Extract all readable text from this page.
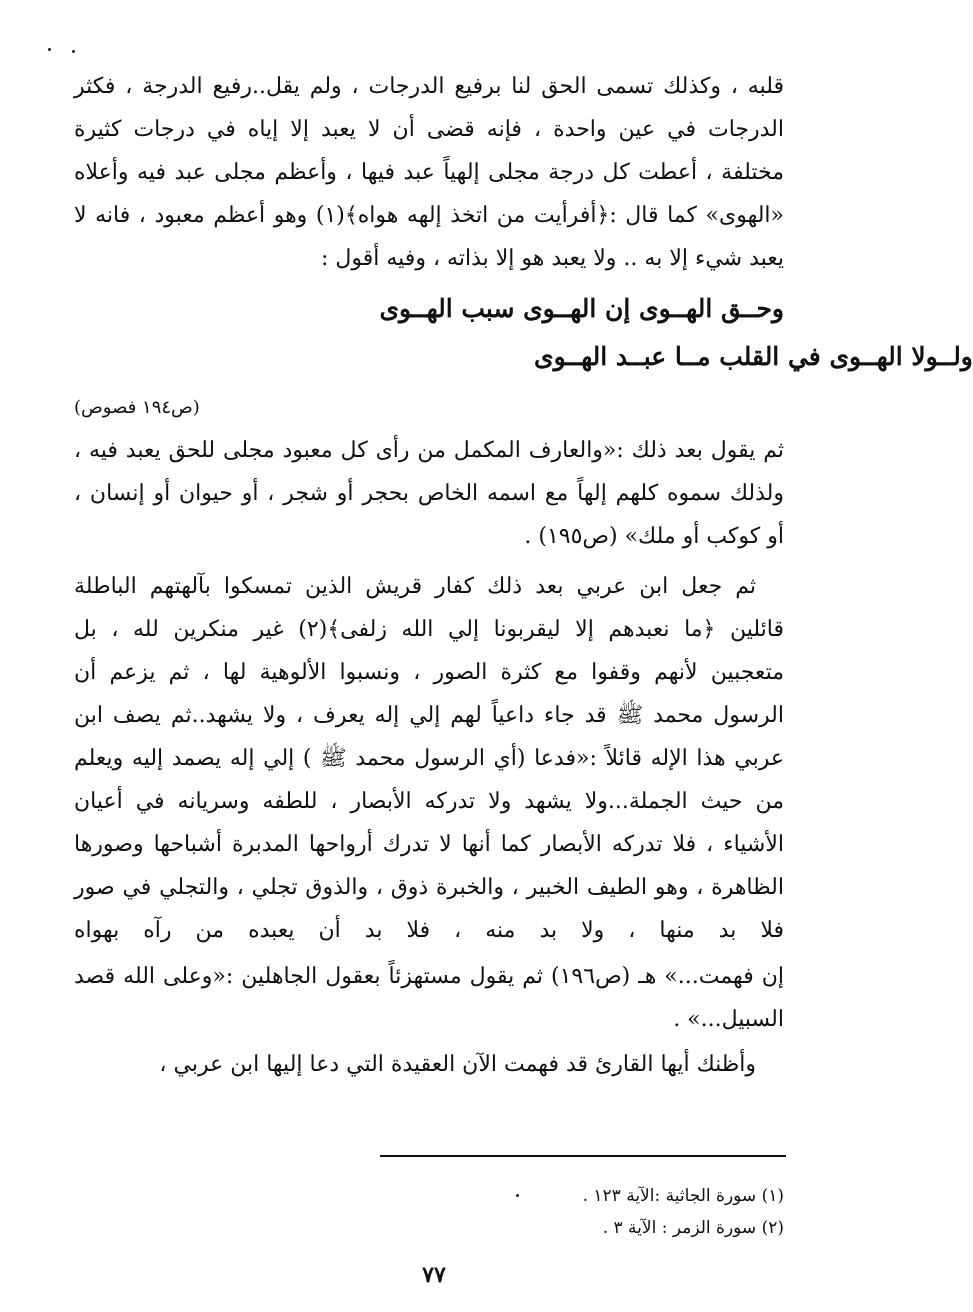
قلبه ، وكذلك تسمى الحق لنا برفيع الدرجات ، ولم يقل..رفيع الدرجة ، فكثر
الدرجات في عين واحدة ، فإنه قضى أن لا يعبد إلا إياه في درجات كثيرة
مختلفة ، أعطت كل درجة مجلى إلهياً عبد فيها ، وأعظم مجلى عبد فيه وأعلاه
«الهوى» كما قال :﴿أفرأيت من اتخذ إلهه هواه﴾(١) وهو أعظم معبود ، فانه لا
يعبد شيء إلا به .. ولا يعبد هو إلا بذاته ، وفيه أقول :
وحــق الهــوى إن الهــوى سبب الهــوى
ولــولا الهــوى في القلب مــا عبــد الهــوى
(ص١٩٤ فصوص)
ثم يقول بعد ذلك :«والعارف المكمل من رأى كل معبود مجلى للحق يعبد فيه ،
ولذلك سموه كلهم إلهاً مع اسمه الخاص بحجر أو شجر ، أو حيوان أو إنسان ،
أو كوكب أو ملك» (ص١٩٥) .
ثم جعل ابن عربي بعد ذلك كفار قريش الذين تمسكوا بآلهتهم الباطلة
قائلين ﴿ما نعبدهم إلا ليقربونا إلي الله زلفى﴾(٢) غير منكرين لله ، بل
متعجبين لأنهم وقفوا مع كثرة الصور ، ونسبوا الألوهية لها ، ثم يزعم أن
الرسول محمد ﷺ قد جاء داعياً لهم إلي إله يعرف ، ولا يشهد..ثم يصف ابن
عربي هذا الإله قائلاً :«فدعا (أي الرسول محمد ﷺ ) إلي إله يصمد إليه ويعلم
من حيث الجملة...ولا يشهد ولا تدركه الأبصار ، للطفه وسريانه في أعيان
الأشياء ، فلا تدركه الأبصار كما أنها لا تدرك أرواحها المدبرة أشباحها وصورها
الظاهرة ، وهو الطيف الخبير ، والخبرة ذوق ، والذوق تجلي ، والتجلي في صور
فلا بد منها ، ولا بد منه ، فلا بد أن يعبده من رآه بهواه
إن فهمت...» هـ (ص١٩٦) ثم يقول مستهزئاً بعقول الجاهلين :«وعلى الله قصد
السبيل...» .
وأظنك أيها القارئ قد فهمت الآن العقيدة التي دعا إليها ابن عربي ،
(١) سورة الجاثية :الآية ١٢٣ .
(٢) سورة الزمر : الآية ٣ .
٧٧
